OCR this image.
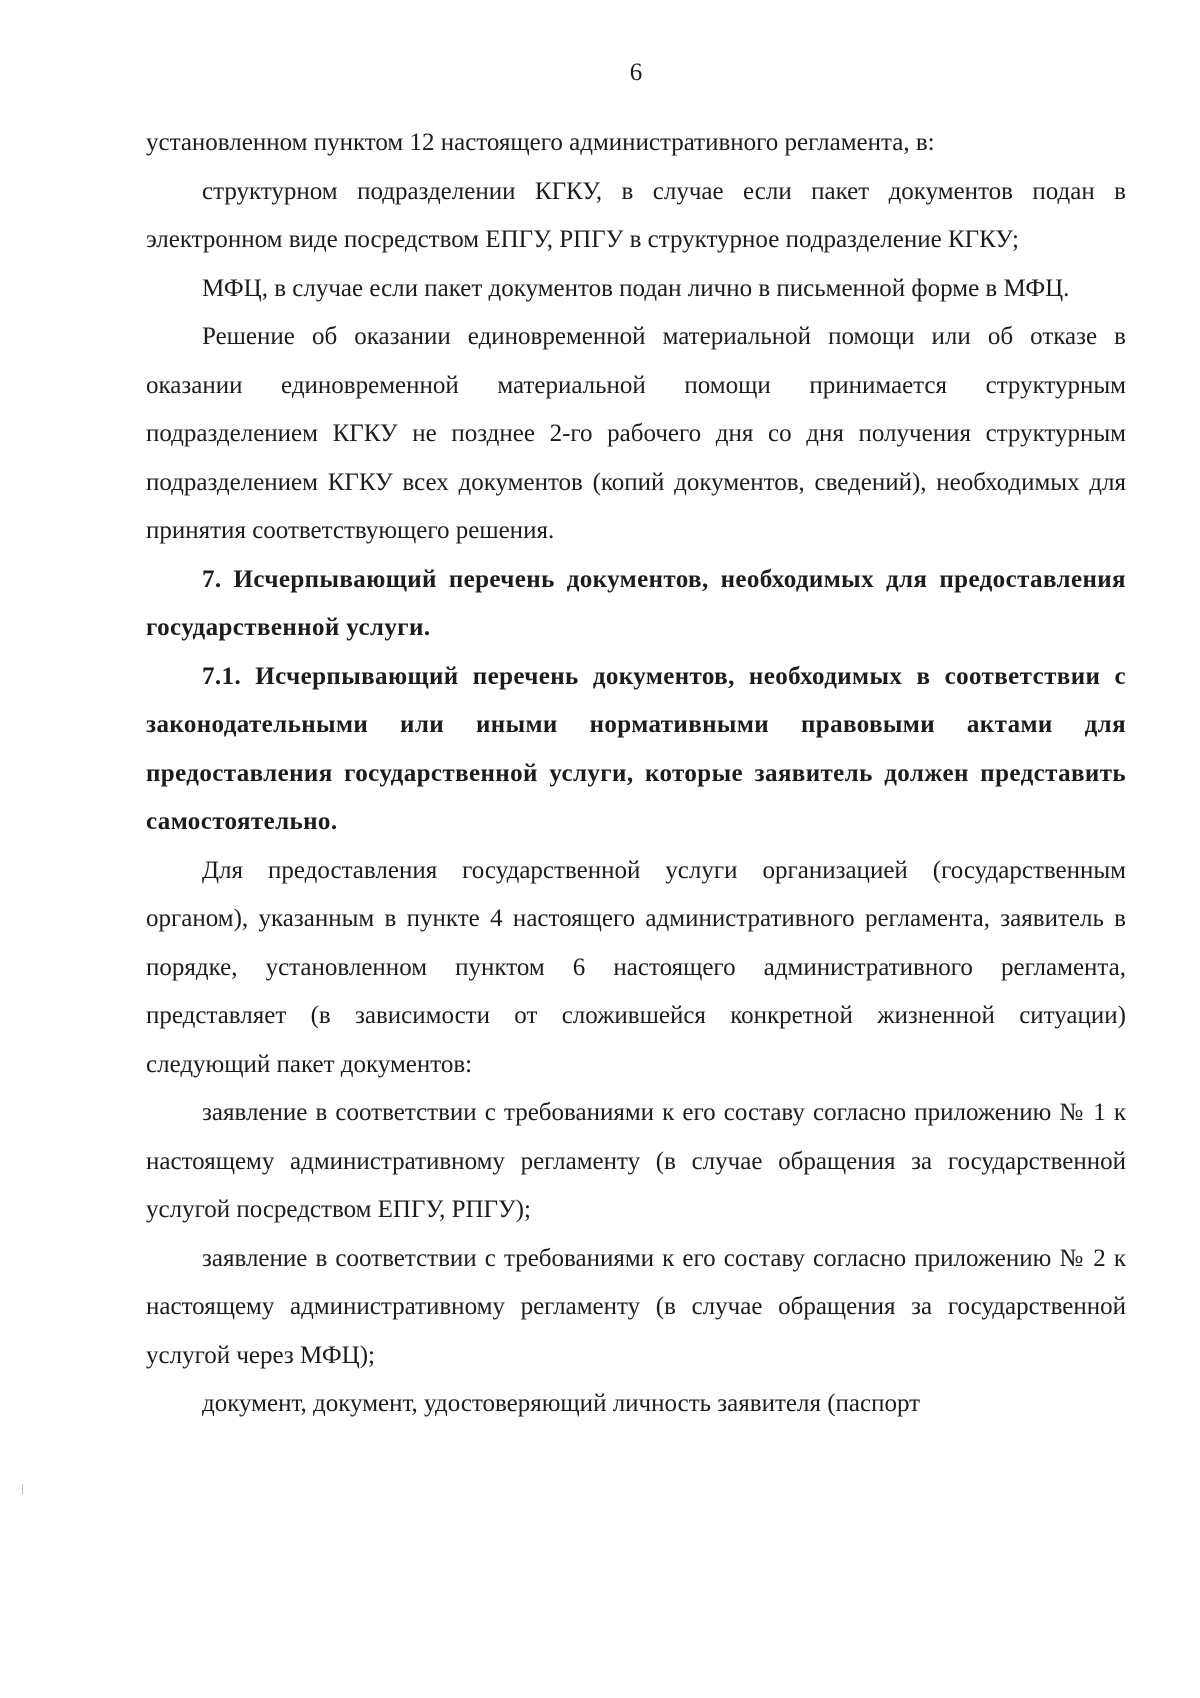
6

установленном пунктом 12 настоящего административного регламента, в:

структурном подразделении КГКУ, в случае если пакет документов подан в электронном виде посредством ЕПГУ, РПГУ в структурное подразделение КГКУ;

МФЦ, в случае если пакет документов подан лично в письменной форме в МФЦ.

Решение об оказании единовременной материальной помощи или об отказе в оказании единовременной материальной помощи принимается структурным подразделением КГКУ не позднее 2-го рабочего дня со дня получения структурным подразделением КГКУ всех документов (копий документов, сведений), необходимых для принятия соответствующего решения.

7. Исчерпывающий перечень документов, необходимых для предоставления государственной услуги.

7.1. Исчерпывающий перечень документов, необходимых в соответствии с законодательными или иными нормативными правовыми актами для предоставления государственной услуги, которые заявитель должен представить самостоятельно.

Для предоставления государственной услуги организацией (государственным органом), указанным в пункте 4 настоящего административного регламента, заявитель в порядке, установленном пунктом 6 настоящего административного регламента, представляет (в зависимости от сложившейся конкретной жизненной ситуации) следующий пакет документов:

заявление в соответствии с требованиями к его составу согласно приложению № 1 к настоящему административному регламенту (в случае обращения за государственной услугой посредством ЕПГУ, РПГУ);

заявление в соответствии с требованиями к его составу согласно приложению № 2 к настоящему административному регламенту (в случае обращения за государственной услугой через МФЦ);

документ, документ, удостоверяющий личность заявителя (паспорт
